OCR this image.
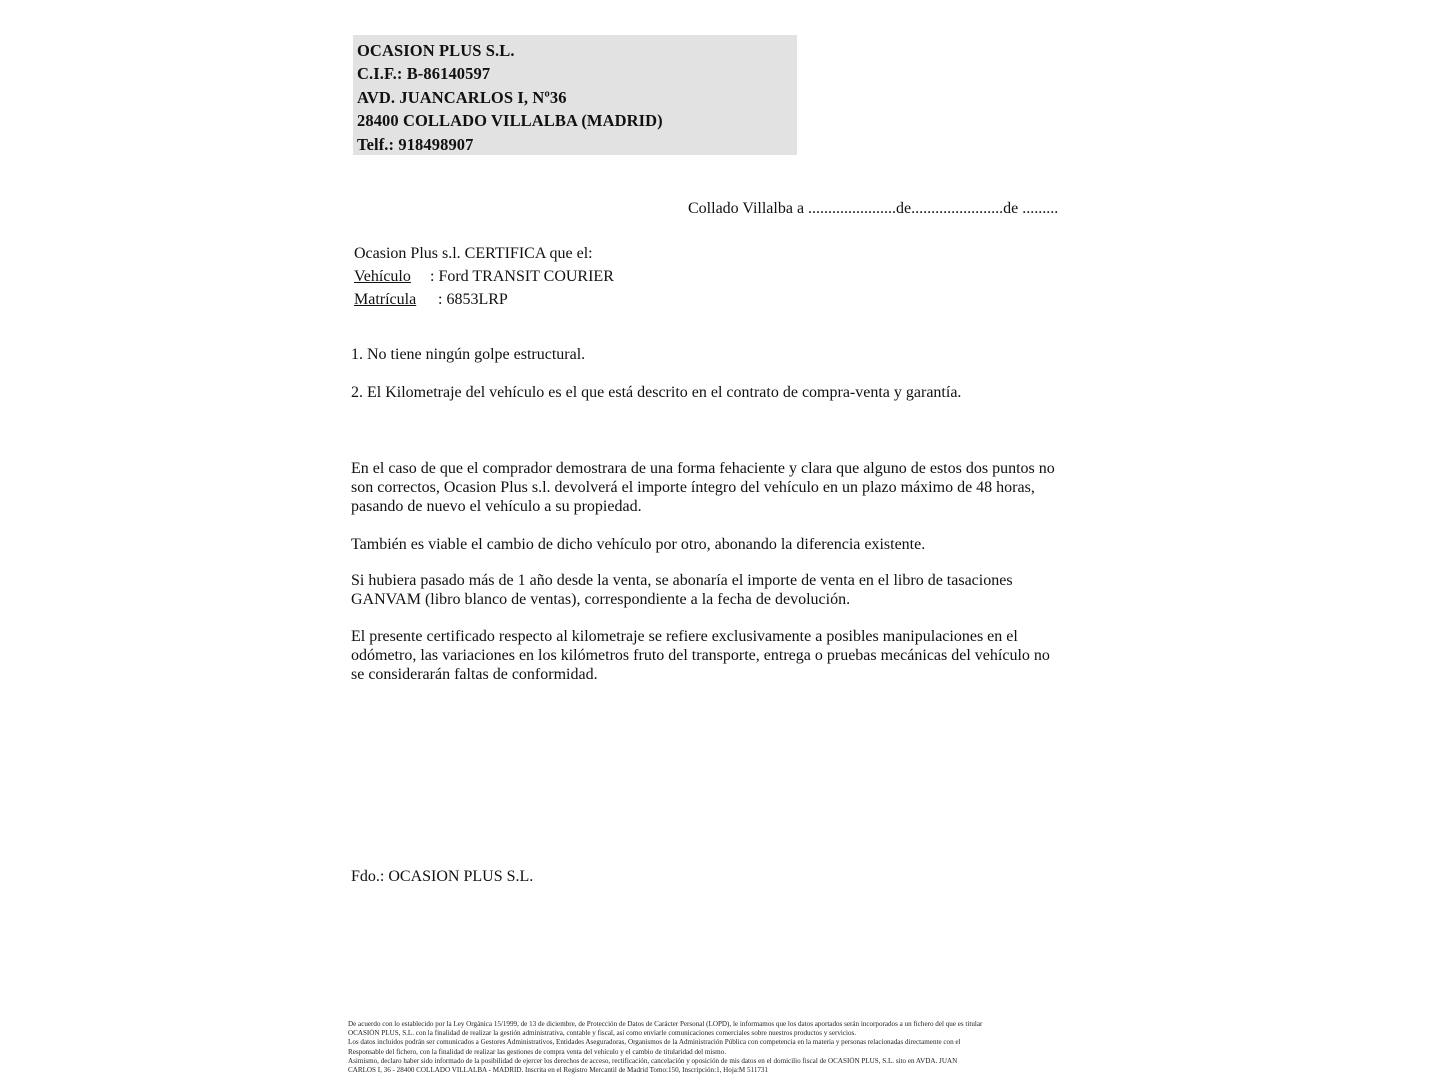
OCASION PLUS S.L.
C.I.F.: B-86140597
AVD. JUANCARLOS I, Nº36
28400 COLLADO VILLALBA (MADRID)
Telf.: 918498907
Collado Villalba a ......................de.......................de .........
Ocasion Plus s.l. CERTIFICA que el:
Vehículo : Ford TRANSIT COURIER
Matrícula : 6853LRP
1. No tiene ningún golpe estructural.
2. El Kilometraje del vehículo es el que está descrito en el contrato de compra-venta y garantía.
En el caso de que el comprador demostrara de una forma fehaciente y clara que alguno de estos dos puntos no
son correctos, Ocasion Plus s.l. devolverá el importe íntegro del vehículo en un plazo máximo de 48 horas,
pasando de nuevo el vehículo a su propiedad.
También es viable el cambio de dicho vehículo por otro, abonando la diferencia existente.
Si hubiera pasado más de 1 año desde la venta, se abonaría el importe de venta en el libro de tasaciones
GANVAM (libro blanco de ventas), correspondiente a la fecha de devolución.
El presente certificado respecto al kilometraje se refiere exclusivamente a posibles manipulaciones en el
odómetro, las variaciones en los kilómetros fruto del transporte, entrega o pruebas mecánicas del vehículo no
se considerarán faltas de conformidad.
Fdo.: OCASION PLUS S.L.
De acuerdo con lo establecido por la Ley Orgánica 15/1999, de 13 de diciembre, de Protección de Datos de Carácter Personal (LOPD), le informamos que los datos aportados serán incorporados a un fichero del que es titular
OCASIÓN PLUS, S.L. con la finalidad de realizar la gestión administrativa, contable y fiscal, así como enviarle comunicaciones comerciales sobre nuestros productos y servicios.
Los datos incluidos podrán ser comunicados a Gestores Administrativos, Entidades Aseguradoras, Organismos de la Administración Pública con competencia en la materia y personas relacionadas directamente con el
Responsable del fichero, con la finalidad de realizar las gestiones de compra venta del vehículo y el cambio de titularidad del mismo.
Asimismo, declaro haber sido informado de la posibilidad de ejercer los derechos de acceso, rectificación, cancelación y oposición de mis datos en el domicilio fiscal de OCASIÓN PLUS, S.L. sito en AVDA. JUAN
CARLOS I, 36 - 28400 COLLADO VILLALBA - MADRID. Inscrita en el Registro Mercantil de Madrid Tomo:150, Inscripción:1, Hoja:M 511731
